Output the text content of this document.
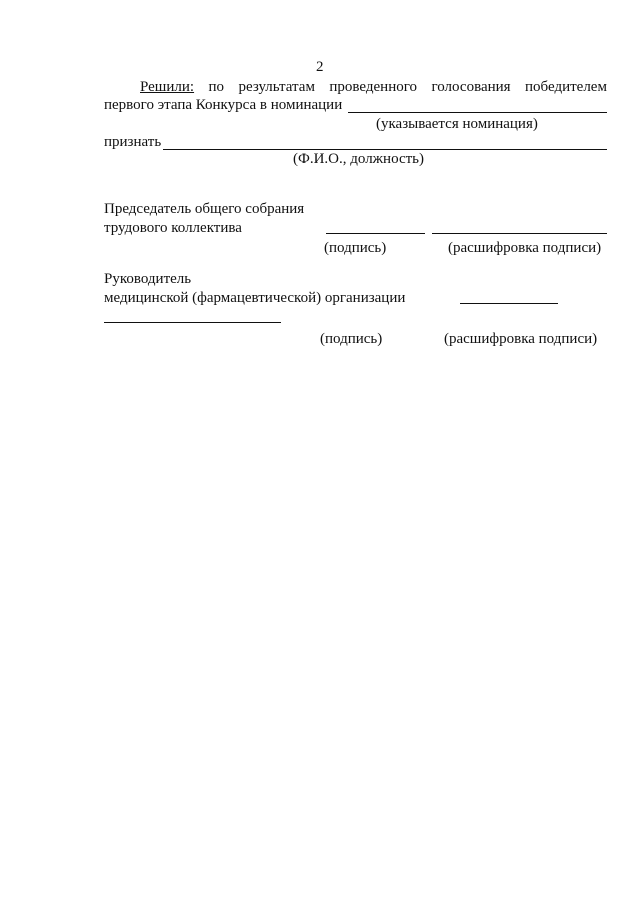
2
Решили: по результатам проведенного голосования победителем
первого этапа Конкурса в номинации
(указывается номинация)
признать
(Ф.И.О., должность)
Председатель общего собрания
трудового коллектива
(подпись)	(расшифровка подписи)
Руководитель
медицинской (фармацевтической) организации
(подпись)	(расшифровка подписи)
